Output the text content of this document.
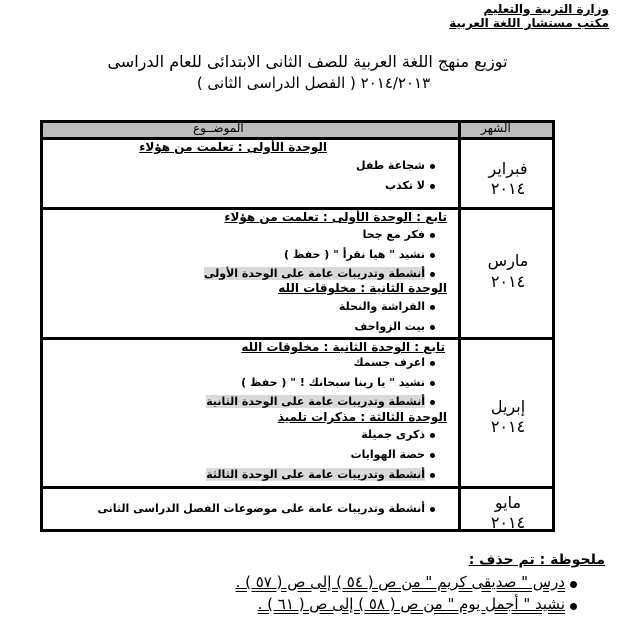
وزارة التربية والتعليم
مكتب مستشار اللغة العربية
توزيع منهج اللغة العربية للصف الثانى الابتدائى للعام الدراسى
٢٠١٤/٢٠١٣ ( الفصل الدراسى الثانى )
الموضــوع	الشهر
فبراير
٢٠١٤
الوحدة الأولى : تعلمت من هؤلاء
شجاعة طفل
لا تكذب
مارس
٢٠١٤
تابع : الوحدة الأولى : تعلمت من هؤلاء
فكر مع جحا
نشيد " هيا نقرأ " ( حفظ )
أنشطة وتدريبات عامة على الوحدة الأولى
الوحدة الثانية : مخلوقات الله
الفراشة والنحلة
بيت الزواحف
إبريل
٢٠١٤
تابع : الوحدة الثانية : مخلوقات الله
اعرف جسمك
نشيد " يا ربنا سبحانك ! " ( حفظ )
أنشطة وتدريبات عامة على الوحدة الثانية
الوحدة الثالثة : مذكرات تلميذ
ذكرى جميلة
حصة الهوايات
أنشطة وتدريبات عامة على الوحدة الثالثة
مايو
٢٠١٤
أنشطة وتدريبات عامة على موضوعات الفصل الدراسى الثانى
ملحوظة : تم حذف :
درس " صديقى كريم " من ص ( ٥٤ ) إلى ص ( ٥٧ ) .
نشيد " أجمل يوم " من ص ( ٥٨ ) إلى ص ( ٦١ ) .
